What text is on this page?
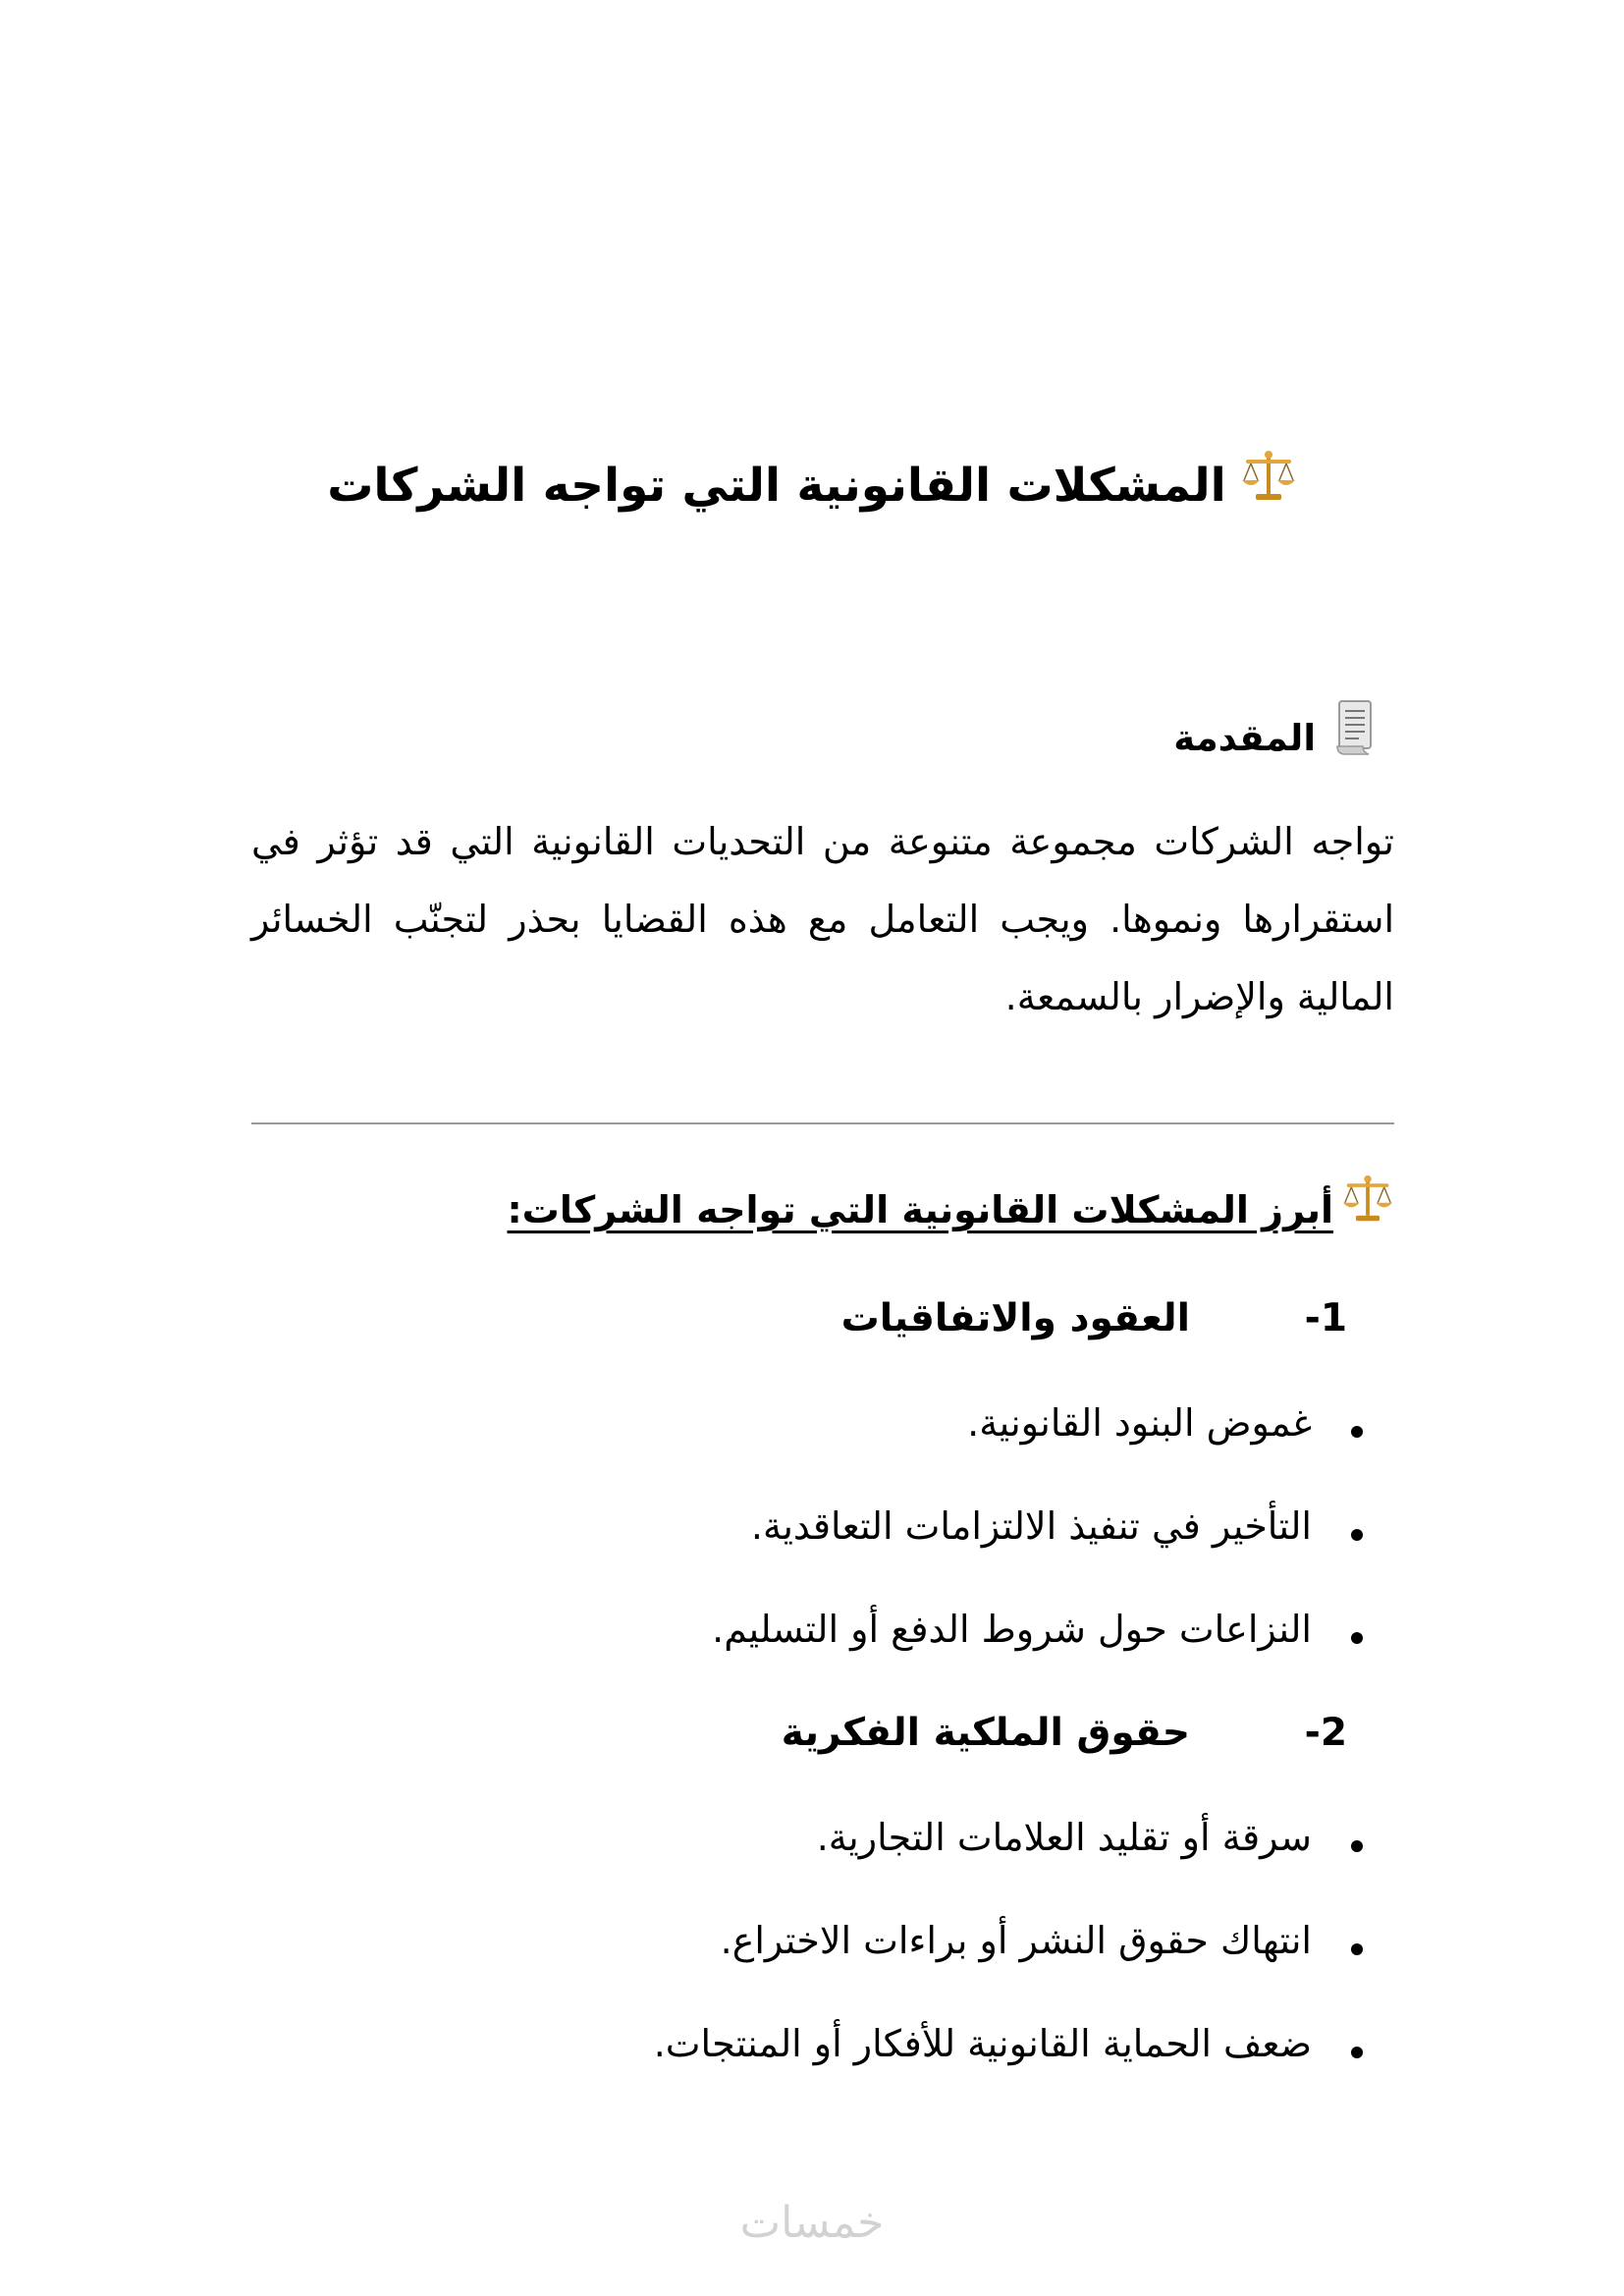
المشكلات القانونية التي تواجه الشركات
المقدمة

تواجه الشركات مجموعة متنوعة من التحديات القانونية التي قد تؤثر في استقرارها ونموها. ويجب التعامل مع هذه القضايا بحذر لتجنّب الخسائر المالية والإضرار بالسمعة.

أبرز المشكلات القانونية التي تواجه الشركات:
-1
العقود والاتفاقيات
غموض البنود القانونية.
التأخير في تنفيذ الالتزامات التعاقدية.
النزاعات حول شروط الدفع أو التسليم.
-2
حقوق الملكية الفكرية
سرقة أو تقليد العلامات التجارية.
انتهاك حقوق النشر أو براءات الاختراع.
ضعف الحماية القانونية للأفكار أو المنتجات.
خمسات
